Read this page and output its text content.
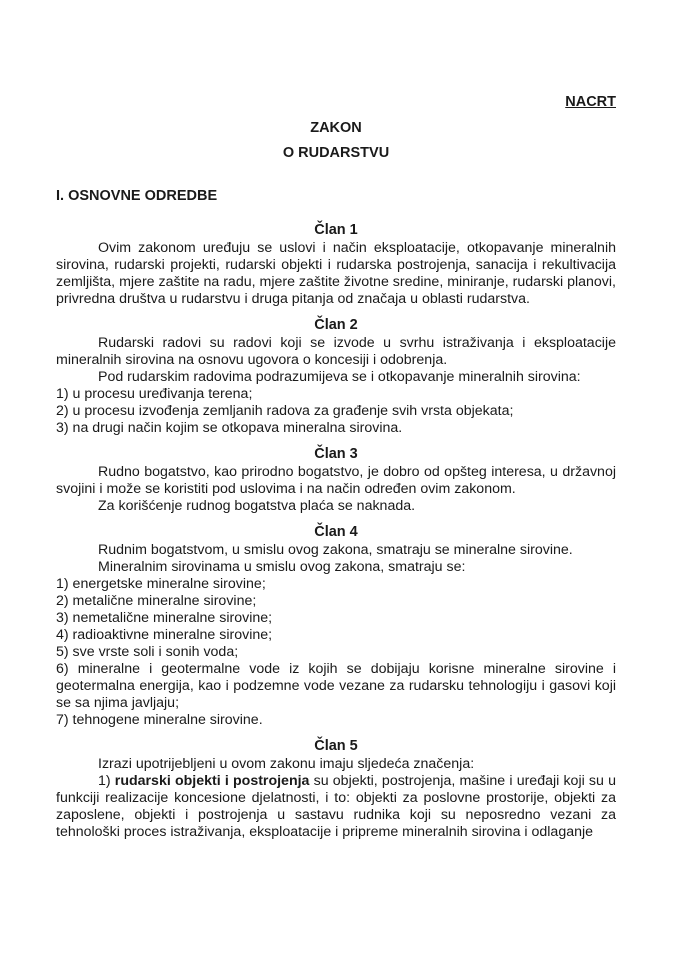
NACRT
ZAKON
O RUDARSTVU
I. OSNOVNE ODREDBE
Član 1

Ovim zakonom uređuju se uslovi i način eksploatacije, otkopavanje mineralnih sirovina, rudarski projekti, rudarski objekti i rudarska postrojenja, sanacija i rekultivacija zemljišta, mjere zaštite na radu, mjere zaštite životne sredine, miniranje, rudarski planovi, privredna društva u rudarstvu i druga pitanja od značaja u oblasti rudarstva.

Član 2

Rudarski radovi su radovi koji se izvode u svrhu istraživanja i eksploatacije mineralnih sirovina na osnovu ugovora o koncesiji i odobrenja.

Pod rudarskim radovima podrazumijeva se i otkopavanje mineralnih sirovina:

1) u procesu uređivanja terena;

2) u procesu izvođenja zemljanih radova za građenje svih vrsta objekata;

3) na drugi način kojim se otkopava mineralna sirovina.

Član 3

Rudno bogatstvo, kao prirodno bogatstvo, je dobro od opšteg interesa, u državnoj svojini i može se koristiti pod uslovima i na način određen ovim zakonom.

Za korišćenje rudnog bogatstva plaća se naknada.

Član 4

Rudnim bogatstvom, u smislu ovog zakona, smatraju se mineralne sirovine.

Mineralnim sirovinama u smislu ovog zakona, smatraju se:

1) energetske mineralne sirovine;

2) metalične mineralne sirovine;

3) nemetalične mineralne sirovine;

4) radioaktivne mineralne sirovine;

5) sve vrste soli i sonih voda;

6) mineralne i geotermalne vode iz kojih se dobijaju korisne mineralne sirovine i geotermalna energija, kao i podzemne vode vezane za rudarsku tehnologiju i gasovi koji se sa njima javljaju;

7) tehnogene mineralne sirovine.

Član 5

Izrazi upotrijebljeni u ovom zakonu imaju sljedeća značenja:

1) rudarski objekti i postrojenja su objekti, postrojenja, mašine i uređaji koji su u funkciji realizacije koncesione djelatnosti, i to: objekti za poslovne prostorije, objekti za zaposlene, objekti i postrojenja u sastavu rudnika koji su neposredno vezani za tehnološki proces istraživanja, eksploatacije i pripreme mineralnih sirovina i odlaganje
